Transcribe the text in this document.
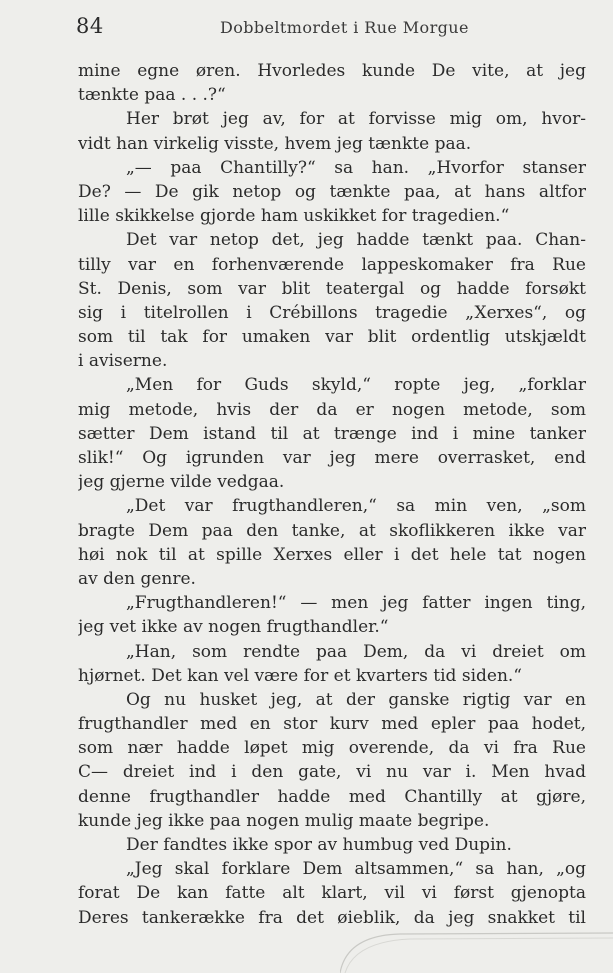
84	Dobbeltmordet i Rue Morgue
mine egne øren. Hvorledes kunde De vite, at jeg
tænkte paa . . .?“
Her brøt jeg av, for at forvisse mig om, hvor-
vidt han virkelig visste, hvem jeg tænkte paa.
„— paa Chantilly?“ sa han. „Hvorfor stanser
De? — De gik netop og tænkte paa, at hans altfor
lille skikkelse gjorde ham uskikket for tragedien.“
Det var netop det, jeg hadde tænkt paa. Chan-
tilly var en forhenværende lappeskomaker fra Rue
St. Denis, som var blit teatergal og hadde forsøkt
sig i titelrollen i Crébillons tragedie „Xerxes“, og
som til tak for umaken var blit ordentlig utskjældt
i aviserne.
„Men for Guds skyld,“ ropte jeg, „forklar
mig metode, hvis der da er nogen metode, som
sætter Dem istand til at trænge ind i mine tanker
slik!“ Og igrunden var jeg mere overrasket, end
jeg gjerne vilde vedgaa.
„Det var frugthandleren,“ sa min ven, „som
bragte Dem paa den tanke, at skoflikkeren ikke var
høi nok til at spille Xerxes eller i det hele tat nogen
av den genre.
„Frugthandleren!“ — men jeg fatter ingen ting,
jeg vet ikke av nogen frugthandler.“
„Han, som rendte paa Dem, da vi dreiet om
hjørnet. Det kan vel være for et kvarters tid siden.“
Og nu husket jeg, at der ganske rigtig var en
frugthandler med en stor kurv med epler paa hodet,
som nær hadde løpet mig overende, da vi fra Rue
C— dreiet ind i den gate, vi nu var i. Men hvad
denne frugthandler hadde med Chantilly at gjøre,
kunde jeg ikke paa nogen mulig maate begripe.
Der fandtes ikke spor av humbug ved Dupin.
„Jeg skal forklare Dem altsammen,“ sa han, „og
forat De kan fatte alt klart, vil vi først gjenopta
Deres tankerække fra det øieblik, da jeg snakket til
